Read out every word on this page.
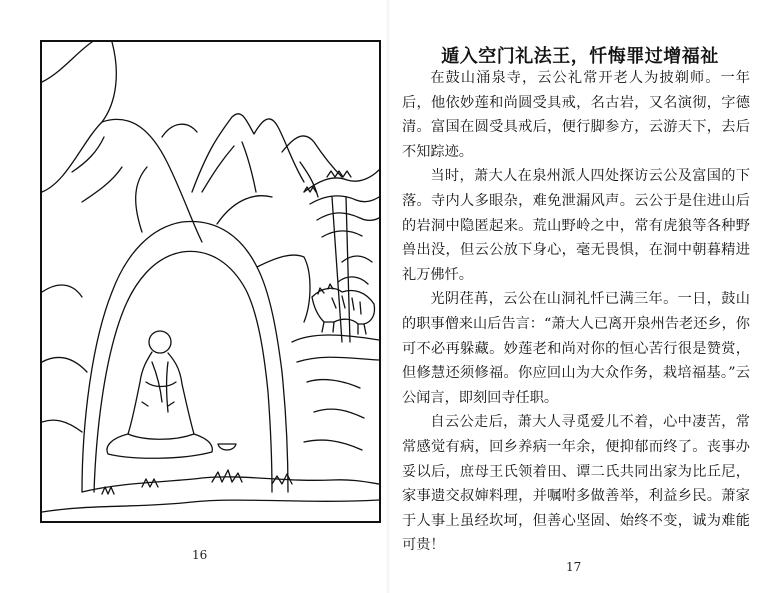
16
遁入空门礼法王，忏悔罪过增福祉

在鼓山涌泉寺，云公礼常开老人为披剃师。一年后，他依妙莲和尚圆受具戒，名古岩，又名演彻，字德清。富国在圆受具戒后，便行脚参方，云游天下，去后不知踪迹。

当时，萧大人在泉州派人四处探访云公及富国的下落。寺内人多眼杂，难免泄漏风声。云公于是住进山后的岩洞中隐匿起来。荒山野岭之中，常有虎狼等各种野兽出没，但云公放下身心，毫无畏惧，在洞中朝暮精进礼万佛忏。

光阴荏苒，云公在山洞礼忏已满三年。一日，鼓山的职事僧来山后告言：“萧大人已离开泉州告老还乡，你可不必再躲藏。妙莲老和尚对你的恒心苦行很是赞赏，但修慧还须修福。你应回山为大众作务，栽培福基。”云公闻言，即刻回寺任职。

自云公走后，萧大人寻觅爱儿不着，心中凄苦，常常感觉有病，回乡养病一年余，便抑郁而终了。丧事办妥以后，庶母王氏领着田、谭二氏共同出家为比丘尼，家事遗交叔婶料理，并嘱咐多做善举，利益乡民。萧家于人事上虽经坎坷，但善心坚固、始终不变，诚为难能可贵！

17
